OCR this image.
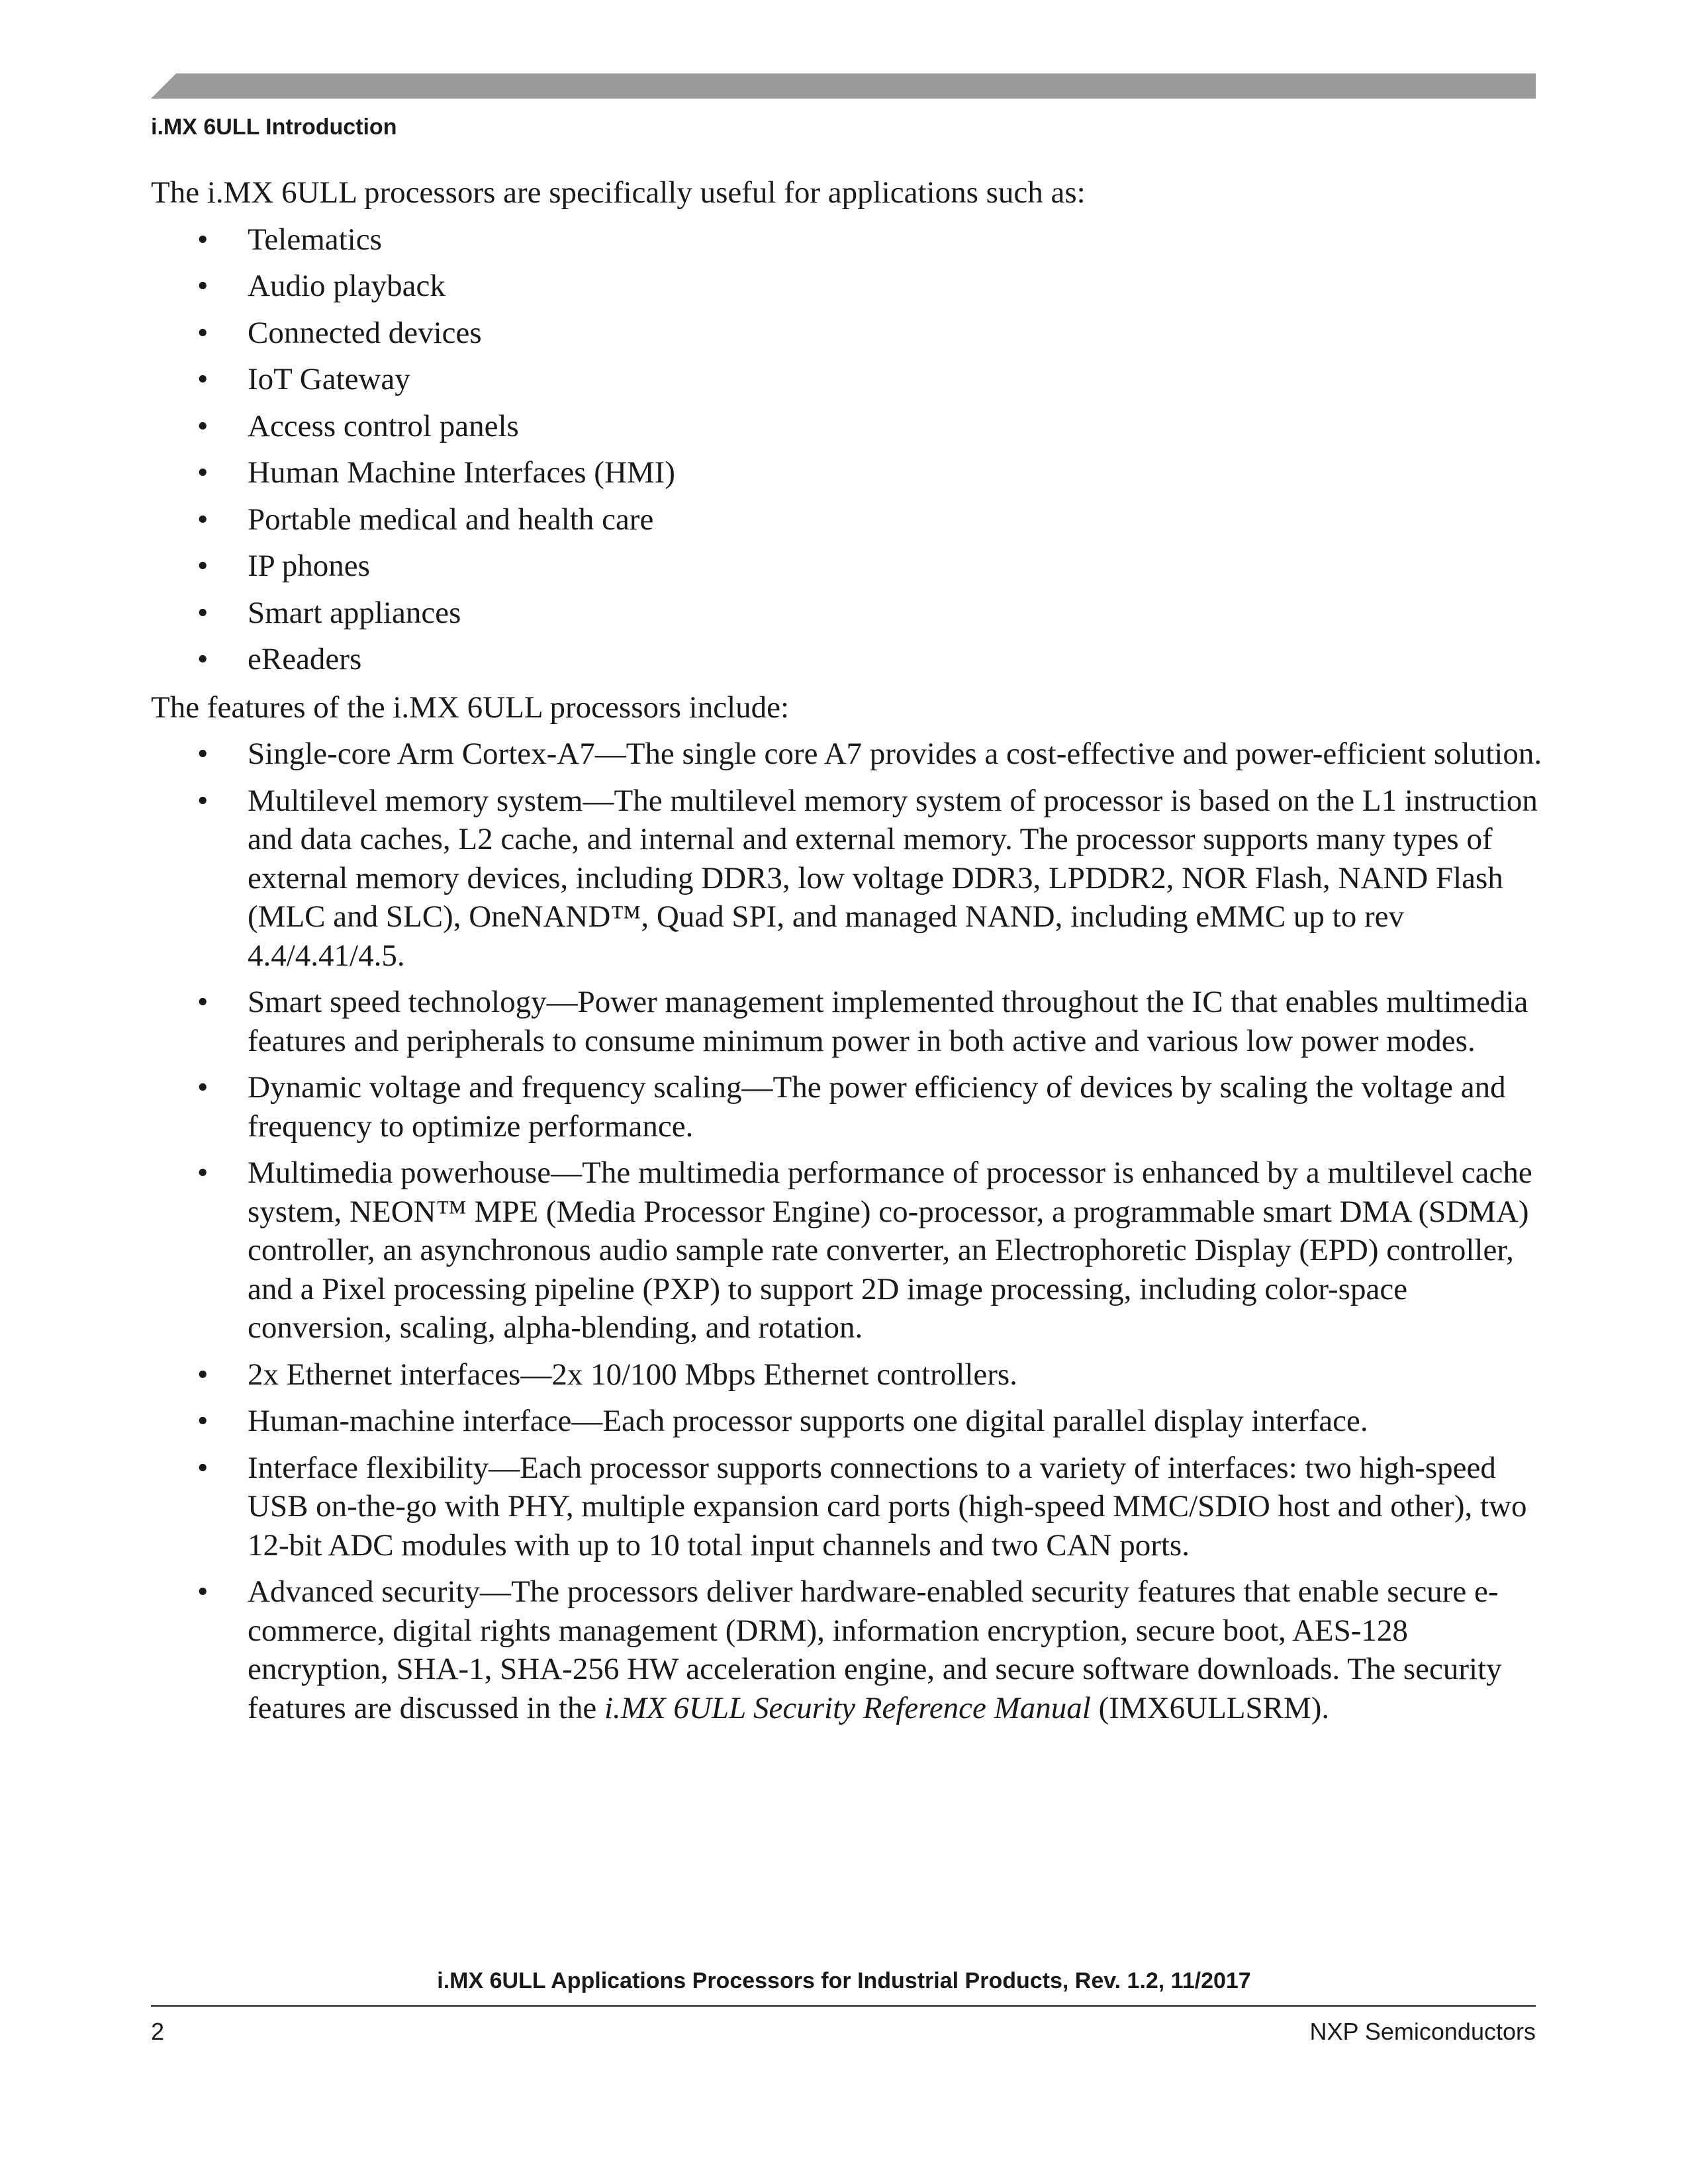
i.MX 6ULL Introduction

The i.MX 6ULL processors are specifically useful for applications such as:

• Telematics
• Audio playback
• Connected devices
• IoT Gateway
• Access control panels
• Human Machine Interfaces (HMI)
• Portable medical and health care
• IP phones
• Smart appliances
• eReaders

The features of the i.MX 6ULL processors include:

• Single-core Arm Cortex-A7—The single core A7 provides a cost-effective and power-efficient solution.
• Multilevel memory system—The multilevel memory system of processor is based on the L1 instruction and data caches, L2 cache, and internal and external memory. The processor supports many types of external memory devices, including DDR3, low voltage DDR3, LPDDR2, NOR Flash, NAND Flash (MLC and SLC), OneNAND™, Quad SPI, and managed NAND, including eMMC up to rev 4.4/4.41/4.5.
• Smart speed technology—Power management implemented throughout the IC that enables multimedia features and peripherals to consume minimum power in both active and various low power modes.
• Dynamic voltage and frequency scaling—The power efficiency of devices by scaling the voltage and frequency to optimize performance.
• Multimedia powerhouse—The multimedia performance of processor is enhanced by a multilevel cache system, NEON™ MPE (Media Processor Engine) co-processor, a programmable smart DMA (SDMA) controller, an asynchronous audio sample rate converter, an Electrophoretic Display (EPD) controller, and a Pixel processing pipeline (PXP) to support 2D image processing, including color-space conversion, scaling, alpha-blending, and rotation.
• 2x Ethernet interfaces—2x 10/100 Mbps Ethernet controllers.
• Human-machine interface—Each processor supports one digital parallel display interface.
• Interface flexibility—Each processor supports connections to a variety of interfaces: two high-speed USB on-the-go with PHY, multiple expansion card ports (high-speed MMC/SDIO host and other), two 12-bit ADC modules with up to 10 total input channels and two CAN ports.
• Advanced security—The processors deliver hardware-enabled security features that enable secure e-commerce, digital rights management (DRM), information encryption, secure boot, AES-128 encryption, SHA-1, SHA-256 HW acceleration engine, and secure software downloads. The security features are discussed in the i.MX 6ULL Security Reference Manual (IMX6ULLSRM).
i.MX 6ULL Applications Processors for Industrial Products, Rev. 1.2, 11/2017
2	NXP Semiconductors
